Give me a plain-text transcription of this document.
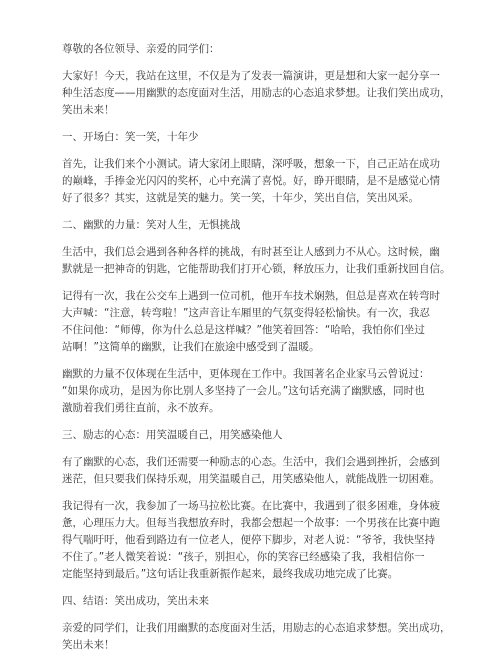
尊敬的各位领导、亲爱的同学们：
大家好！今天，我站在这里，不仅是为了发表一篇演讲，更是想和大家一起分享一
种生活态度——用幽默的态度面对生活，用励志的心态追求梦想。让我们笑出成功，
笑出未来！
一、开场白：笑一笑，十年少
首先，让我们来个小测试。请大家闭上眼睛，深呼吸，想象一下，自己正站在成功
的巅峰，手捧金光闪闪的奖杯，心中充满了喜悦。好，睁开眼睛，是不是感觉心情
好了很多？其实，这就是笑的魅力。笑一笑，十年少，笑出自信，笑出风采。
二、幽默的力量：笑对人生，无惧挑战
生活中，我们总会遇到各种各样的挑战，有时甚至让人感到力不从心。这时候，幽
默就是一把神奇的钥匙，它能帮助我们打开心锁，释放压力，让我们重新找回自信。
记得有一次，我在公交车上遇到一位司机，他开车技术娴熟，但总是喜欢在转弯时
大声喊：“注意，转弯啦！”这声音让车厢里的气氛变得轻松愉快。有一次，我忍
不住问他：“师傅，你为什么总是这样喊？”他笑着回答：“哈哈，我怕你们坐过
站啊！”这简单的幽默，让我们在旅途中感受到了温暖。
幽默的力量不仅体现在生活中，更体现在工作中。我国著名企业家马云曾说过：
“如果你成功，是因为你比别人多坚持了一会儿。”这句话充满了幽默感，同时也
激励着我们勇往直前，永不放弃。
三、励志的心态：用笑温暖自己，用笑感染他人
有了幽默的心态，我们还需要一种励志的心态。生活中，我们会遇到挫折，会感到
迷茫，但只要我们保持乐观，用笑温暖自己，用笑感染他人，就能战胜一切困难。
我记得有一次，我参加了一场马拉松比赛。在比赛中，我遇到了很多困难，身体疲
惫，心理压力大。但每当我想放弃时，我都会想起一个故事：一个男孩在比赛中跑
得气喘吁吁，他看到路边有一位老人，便停下脚步，对老人说：“爷爷，我快坚持
不住了。”老人微笑着说：“孩子，别担心，你的笑容已经感染了我，我相信你一
定能坚持到最后。”这句话让我重新振作起来，最终我成功地完成了比赛。
四、结语：笑出成功，笑出未来
亲爱的同学们，让我们用幽默的态度面对生活，用励志的心态追求梦想。笑出成功，
笑出未来！
